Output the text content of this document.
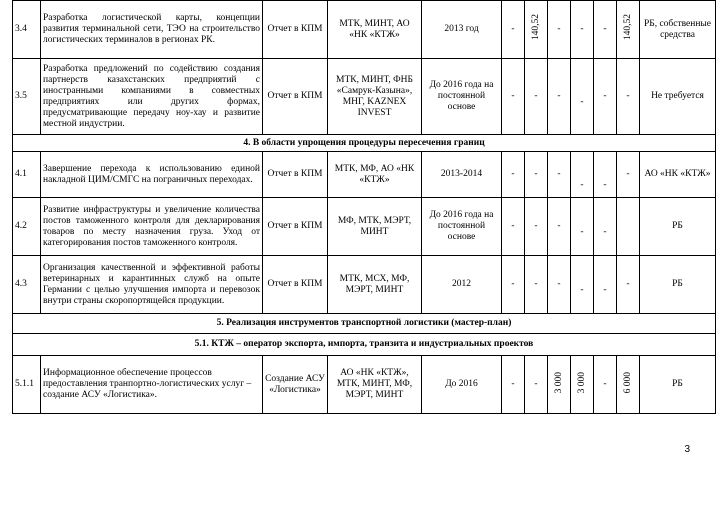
3.4	Разработка логистической карты, концепции развития терминальной сети, ТЭО на строительство логистических терминалов в регионах РК.	Отчет в КПМ	МТК, МИНТ, АО «НК «КТЖ»	2013 год	-	140,52	-	-	-	140,52	РБ, собственные средства
3.5	Разработка предложений по содействию создания партнерств казахстанских предприятий с иностранными компаниями в совместных предприятиях или других формах, предусматривающие передачу ноу-хау и развитие местной индустрии.	Отчет в КПМ	МТК, МИНТ, ФНБ «Самрук-Казына», МНГ, KAZNEX INVEST	До 2016 года на постоянной основе	-	-	-	-	-	-	Не требуется
4. В области упрощения процедуры пересечения границ											
4.1	Завершение перехода к использованию единой накладной ЦИМ/СМГС на пограничных переходах.	Отчет в КПМ	МТК, МФ, АО «НК «КТЖ»	2013-2014	-	-	-	-	-	-	АО «НК «КТЖ»
4.2	Развитие инфраструктуры и увеличение количества постов таможенного контроля для декларирования товаров по месту назначения груза. Уход от категорирования постов таможенного контроля.	Отчет в КПМ	МФ, МТК, МЭРТ, МИНТ	До 2016 года на постоянной основе	-	-	-	-	-		РБ
4.3	Организация качественной и эффективной работы ветеринарных и карантинных служб на опыте Германии с целью улучшения импорта и перевозок внутри страны скоропортящейся продукции.	Отчет в КПМ	МТК, МСХ, МФ, МЭРТ, МИНТ	2012	-	-	-	-	-	-	РБ
5. Реализация инструментов транспортной логистики (мастер-план)											
5.1. КТЖ – оператор экспорта, импорта, транзита и индустриальных проектов											
5.1.1	Информационное обеспечение процессов предоставления транпортно-логистических услуг – создание АСУ «Логистика».	Создание АСУ «Логистика»	АО «НК «КТЖ», МТК, МИНТ, МФ, МЭРТ, МИНТ	До 2016	-	-	3 000	3 000	-	6 000	РБ
3
